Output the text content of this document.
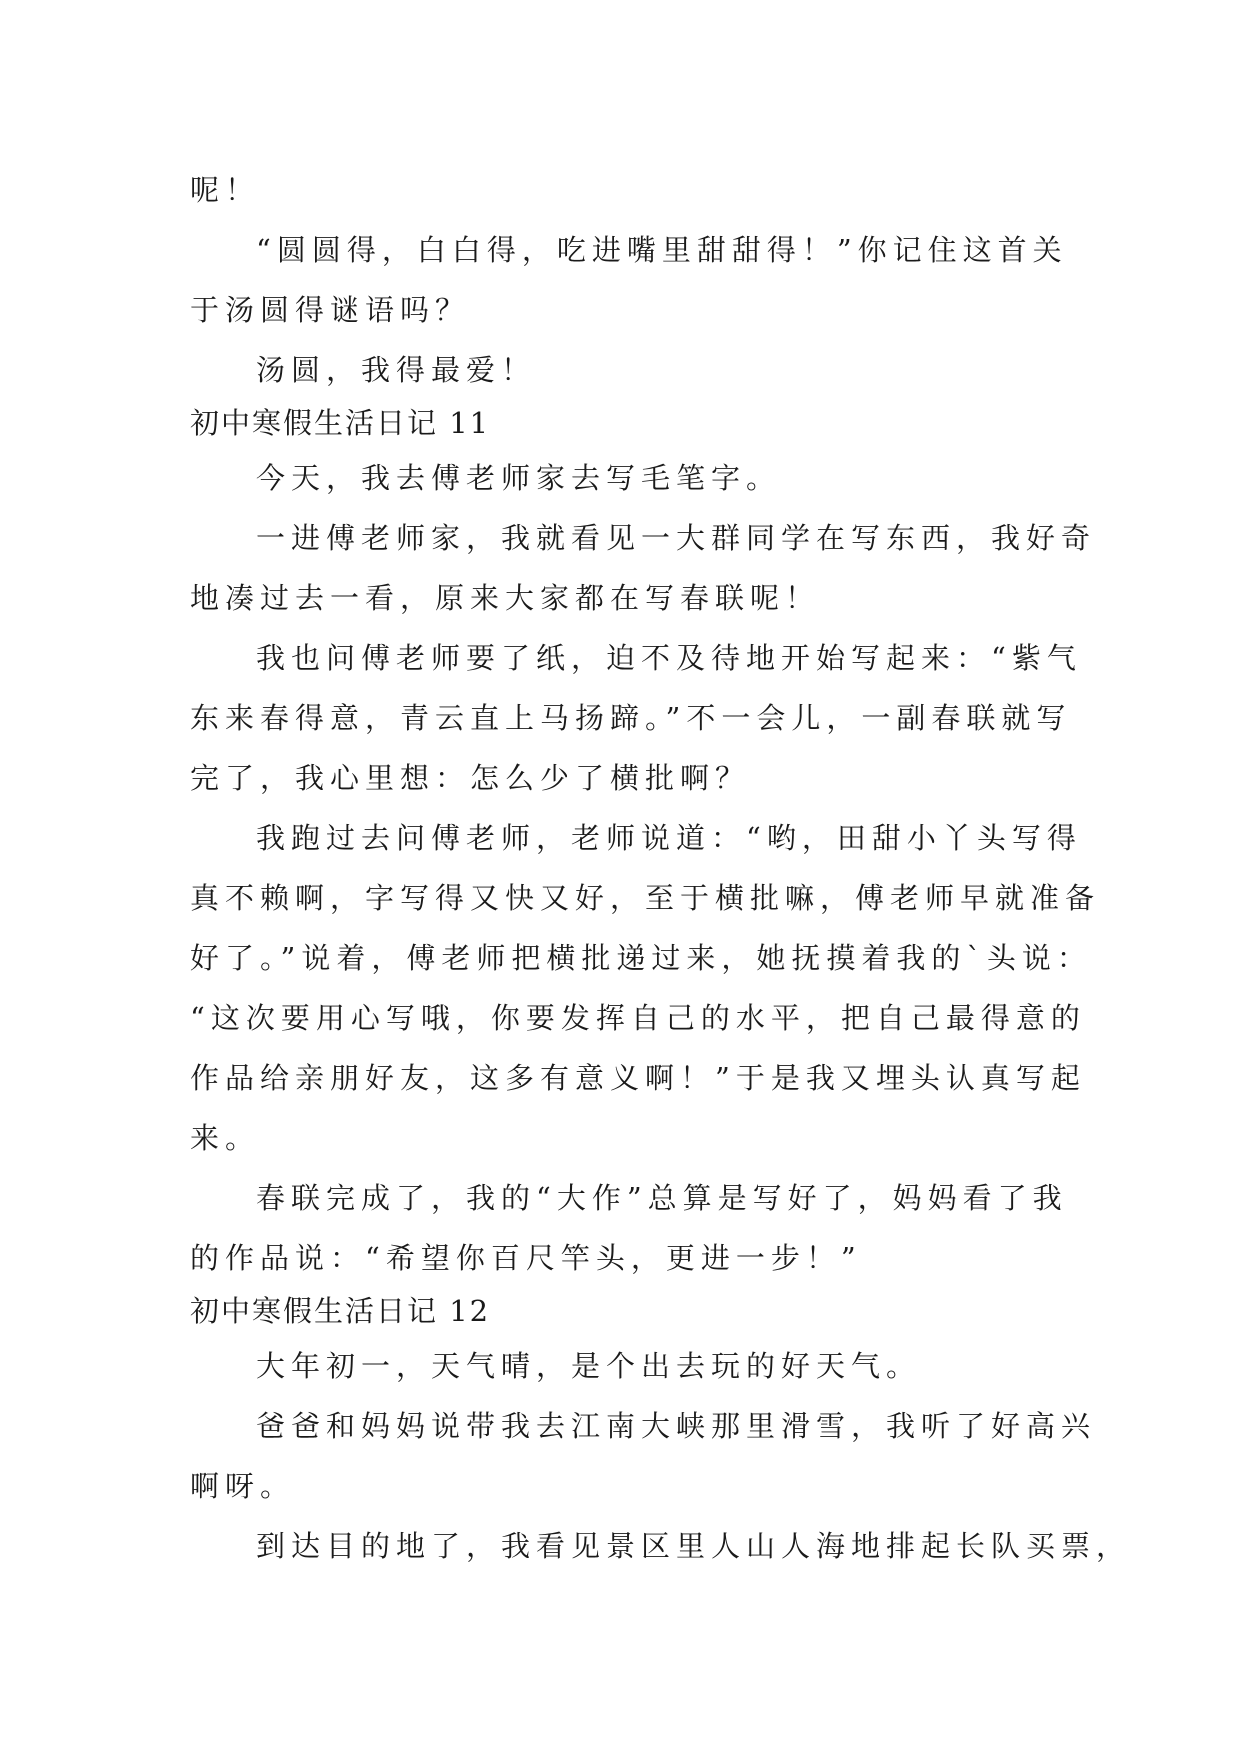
呢！
“圆圆得，白白得，吃进嘴里甜甜得！”你记住这首关
于汤圆得谜语吗？
汤圆，我得最爱！
初中寒假生活日记 11
今天，我去傅老师家去写毛笔字。
一进傅老师家，我就看见一大群同学在写东西，我好奇
地凑过去一看，原来大家都在写春联呢！
我也问傅老师要了纸，迫不及待地开始写起来：“紫气
东来春得意，青云直上马扬蹄。”不一会儿，一副春联就写
完了，我心里想：怎么少了横批啊？
我跑过去问傅老师，老师说道：“哟，田甜小丫头写得
真不赖啊，字写得又快又好，至于横批嘛，傅老师早就准备
好了。”说着，傅老师把横批递过来，她抚摸着我的`头说：
“这次要用心写哦，你要发挥自己的水平，把自己最得意的
作品给亲朋好友，这多有意义啊！”于是我又埋头认真写起
来。
春联完成了，我的“大作”总算是写好了，妈妈看了我
的作品说：“希望你百尺竿头，更进一步！”
初中寒假生活日记 12
大年初一，天气晴，是个出去玩的好天气。
爸爸和妈妈说带我去江南大峡那里滑雪，我听了好高兴
啊呀。
到达目的地了，我看见景区里人山人海地排起长队买票，
